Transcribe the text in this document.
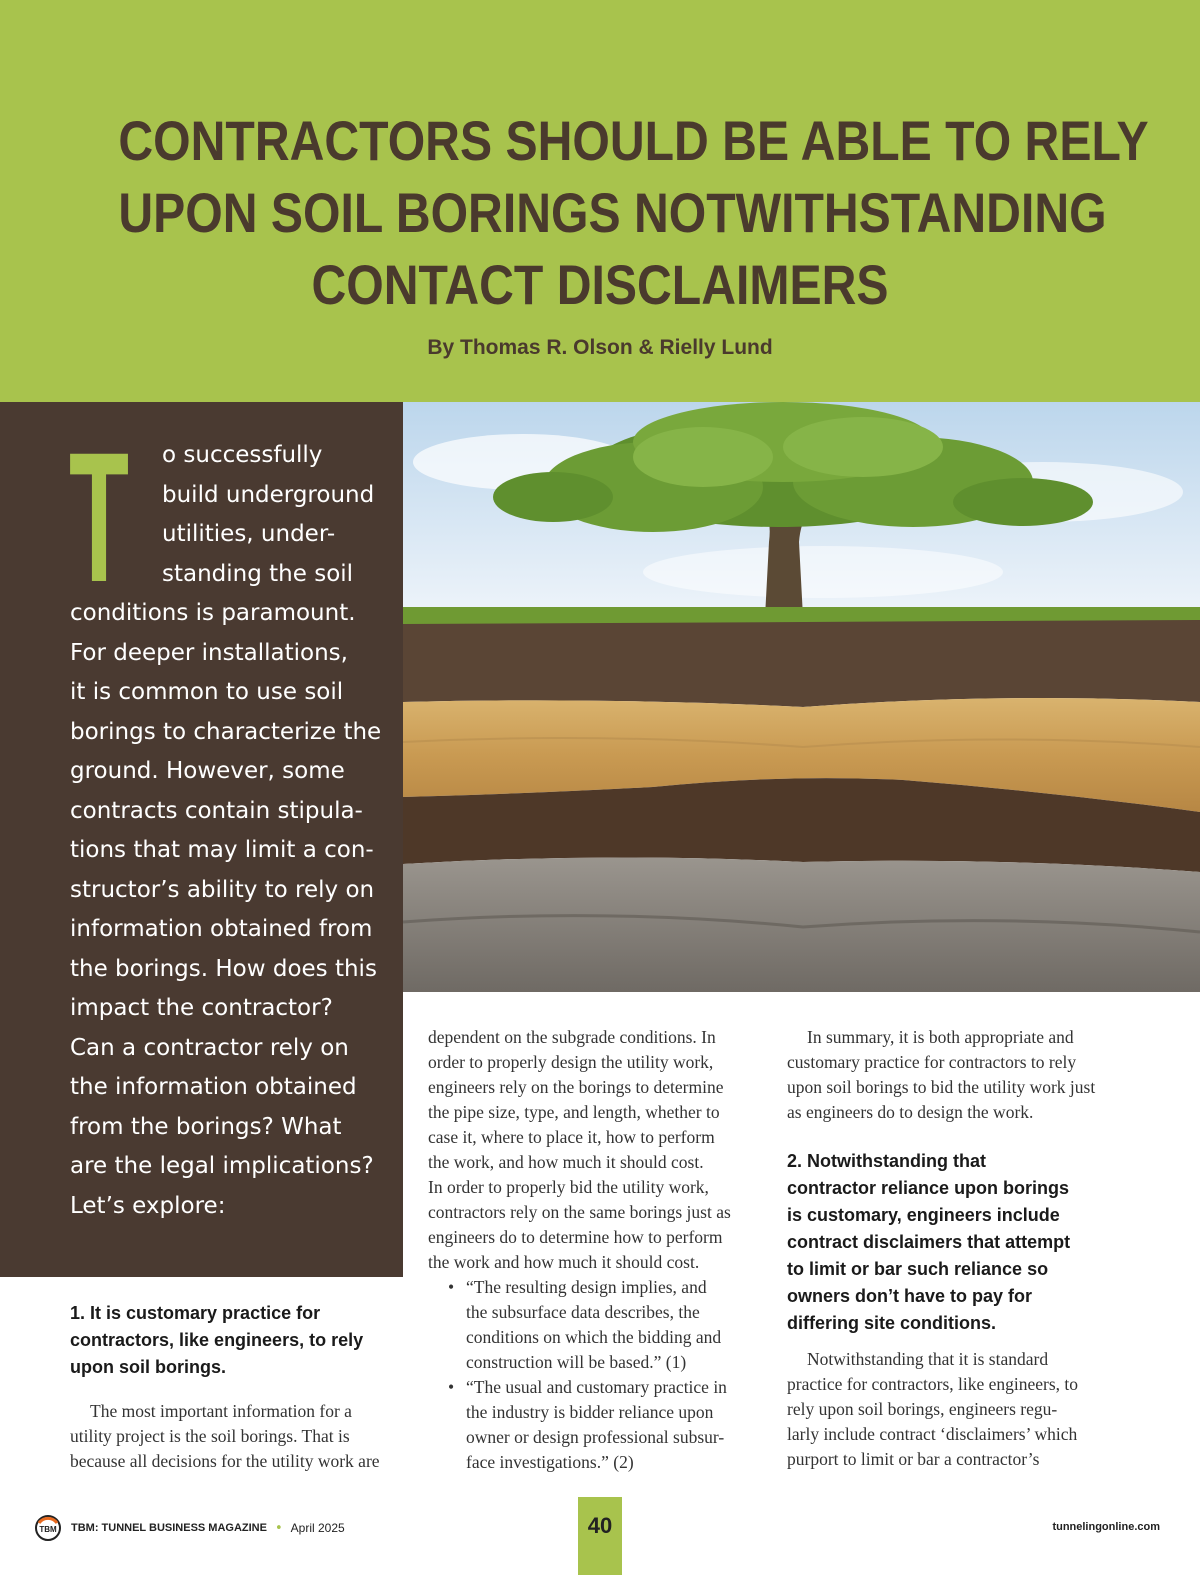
CONTRACTORS SHOULD BE ABLE TO RELY
UPON SOIL BORINGS NOTWITHSTANDING
CONTACT DISCLAIMERS
By Thomas R. Olson & Rielly Lund
T	o successfully
build underground
utilities, under-
standing the soil
conditions is paramount.
For deeper installations,
it is common to use soil
borings to characterize the
ground. However, some
contracts contain stipula-
tions that may limit a con-
structor’s ability to rely on
information obtained from
the borings. How does this
impact the contractor?
Can a contractor rely on
the information obtained
from the borings? What
are the legal implications?
Let’s explore:
1. It is customary practice for
contractors, like engineers, to rely
upon soil borings.
The most important information for a
utility project is the soil borings. That is
because all decisions for the utility work are
dependent on the subgrade conditions. In
order to properly design the utility work,
engineers rely on the borings to determine
the pipe size, type, and length, whether to
case it, where to place it, how to perform
the work, and how much it should cost.
In order to properly bid the utility work,
contractors rely on the same borings just as
engineers do to determine how to perform
the work and how much it should cost.
• “The resulting design implies, and
the subsurface data describes, the
conditions on which the bidding and
construction will be based.” (1)
• “The usual and customary practice in
the industry is bidder reliance upon
owner or design professional subsur-
face investigations.” (2)
In summary, it is both appropriate and
customary practice for contractors to rely
upon soil borings to bid the utility work just
as engineers do to design the work.
2. Notwithstanding that
contractor reliance upon borings
is customary, engineers include
contract disclaimers that attempt
to limit or bar such reliance so
owners don’t have to pay for
differing site conditions.
Notwithstanding that it is standard
practice for contractors, like engineers, to
rely upon soil borings, engineers regu-
larly include contract ‘disclaimers’ which
purport to limit or bar a contractor’s
TBM TBM: TUNNEL BUSINESS MAGAZINE • April 2025	40	tunnelingonline.com
